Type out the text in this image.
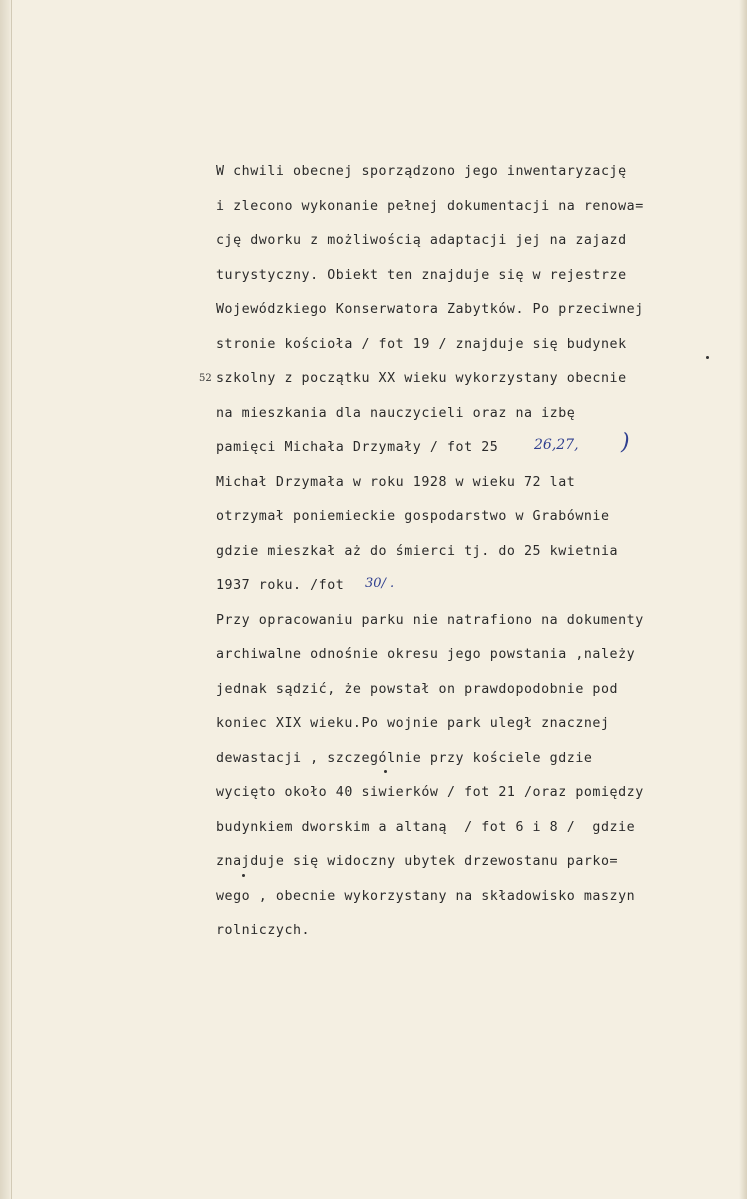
W chwili obecnej sporządzono jego inwentaryzację
i zlecono wykonanie pełnej dokumentacji na renowa=
cję dworku z możliwością adaptacji jej na zajazd
turystyczny. Obiekt ten znajduje się w rejestrze
Wojewódzkiego Konserwatora Zabytków. Po przeciwnej
stronie kościoła / fot 19 / znajduje się budynek
szkolny z początku XX wieku wykorzystany obecnie
na mieszkania dla nauczycieli oraz na izbę
pamięci Michała Drzymały / fot 25
Michał Drzymała w roku 1928 w wieku 72 lat
otrzymał poniemieckie gospodarstwo w Grabównie
gdzie mieszkał aż do śmierci tj. do 25 kwietnia
1937 roku. /fot
Przy opracowaniu parku nie natrafiono na dokumenty
archiwalne odnośnie okresu jego powstania ,należy
jednak sądzić, że powstał on prawdopodobnie pod
koniec XIX wieku.Po wojnie park uległ znacznej
dewastacji , szczególnie przy kościele gdzie
wycięto około 40 siwierków / fot 21 /oraz pomiędzy
budynkiem dworskim a altaną  / fot 6 i 8 /  gdzie
znajduje się widoczny ubytek drzewostanu parko=
wego , obecnie wykorzystany na składowisko maszyn
rolniczych.
52
26,27, )
30/ .
